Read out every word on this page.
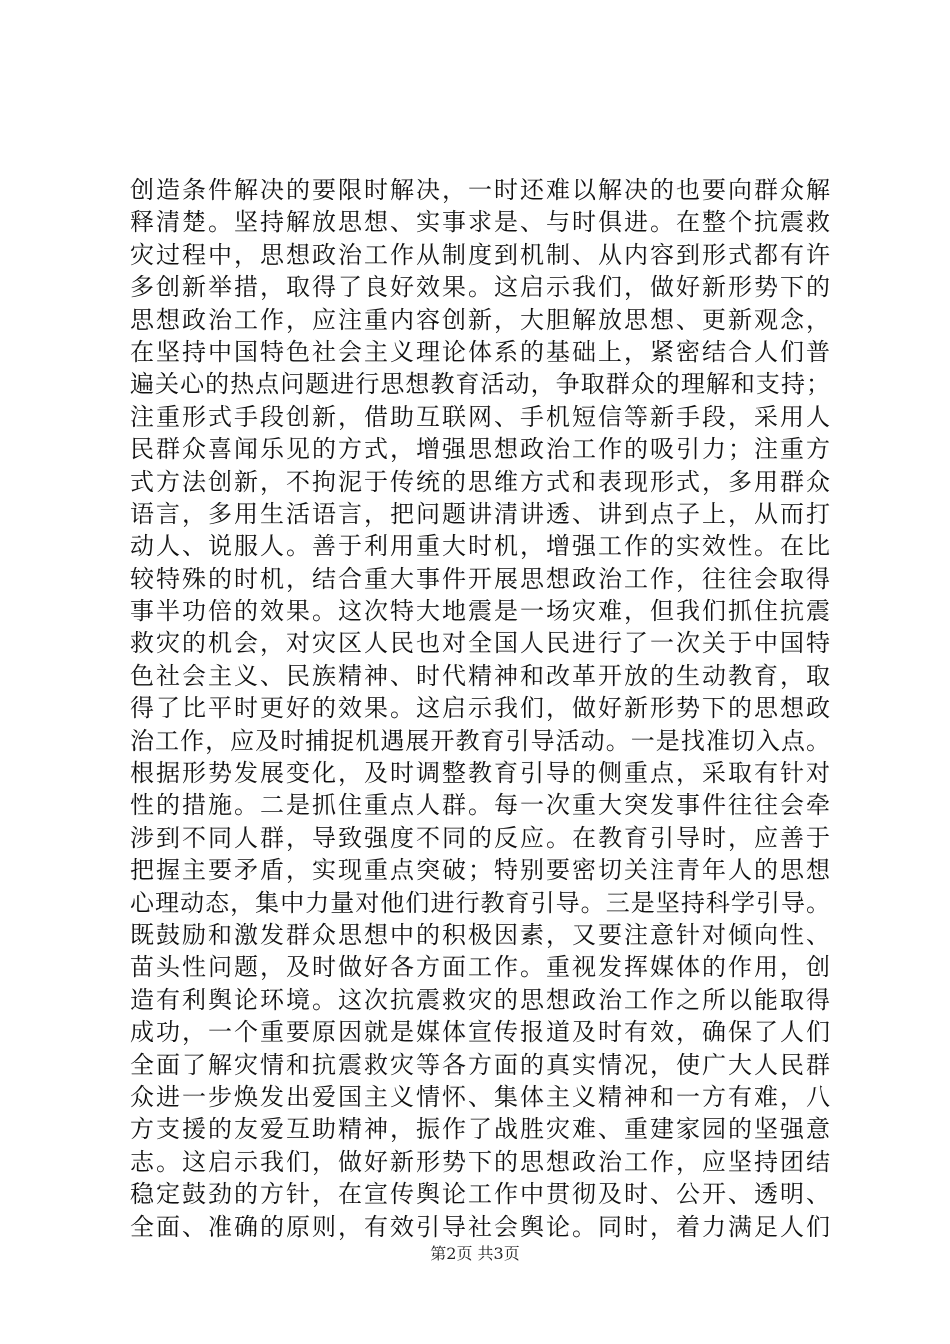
创造条件解决的要限时解决，一时还难以解决的也要向群众解
释清楚。坚持解放思想、实事求是、与时俱进。在整个抗震救
灾过程中，思想政治工作从制度到机制、从内容到形式都有许
多创新举措，取得了良好效果。这启示我们，做好新形势下的
思想政治工作，应注重内容创新，大胆解放思想、更新观念，
在坚持中国特色社会主义理论体系的基础上，紧密结合人们普
遍关心的热点问题进行思想教育活动，争取群众的理解和支持；
注重形式手段创新，借助互联网、手机短信等新手段，采用人
民群众喜闻乐见的方式，增强思想政治工作的吸引力；注重方
式方法创新，不拘泥于传统的思维方式和表现形式，多用群众
语言，多用生活语言，把问题讲清讲透、讲到点子上，从而打
动人、说服人。善于利用重大时机，增强工作的实效性。在比
较特殊的时机，结合重大事件开展思想政治工作，往往会取得
事半功倍的效果。这次特大地震是一场灾难，但我们抓住抗震
救灾的机会，对灾区人民也对全国人民进行了一次关于中国特
色社会主义、民族精神、时代精神和改革开放的生动教育，取
得了比平时更好的效果。这启示我们，做好新形势下的思想政
治工作，应及时捕捉机遇展开教育引导活动。一是找准切入点。
根据形势发展变化，及时调整教育引导的侧重点，采取有针对
性的措施。二是抓住重点人群。每一次重大突发事件往往会牵
涉到不同人群，导致强度不同的反应。在教育引导时，应善于
把握主要矛盾，实现重点突破；特别要密切关注青年人的思想
心理动态，集中力量对他们进行教育引导。三是坚持科学引导。
既鼓励和激发群众思想中的积极因素，又要注意针对倾向性、
苗头性问题，及时做好各方面工作。重视发挥媒体的作用，创
造有利舆论环境。这次抗震救灾的思想政治工作之所以能取得
成功，一个重要原因就是媒体宣传报道及时有效，确保了人们
全面了解灾情和抗震救灾等各方面的真实情况，使广大人民群
众进一步焕发出爱国主义情怀、集体主义精神和一方有难，八
方支援的友爱互助精神，振作了战胜灾难、重建家园的坚强意
志。这启示我们，做好新形势下的思想政治工作，应坚持团结
稳定鼓劲的方针，在宣传舆论工作中贯彻及时、公开、透明、
全面、准确的原则，有效引导社会舆论。同时，着力满足人们
第2页 共3页
